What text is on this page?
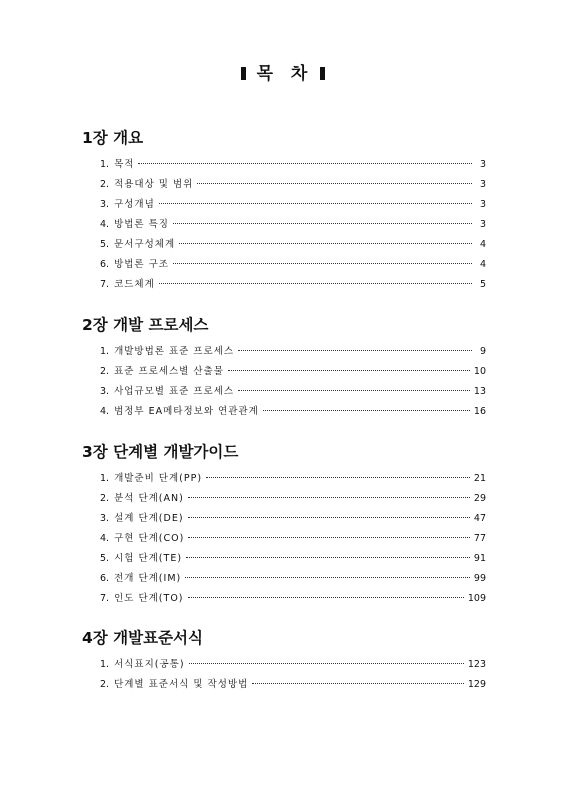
목  차
1장 개요
1. 목적	3
2. 적용대상 및 범위	3
3. 구성개념	3
4. 방법론 특징	3
5. 문서구성체계	4
6. 방법론 구조	4
7. 코드체계	5
2장 개발 프로세스
1. 개발방법론 표준 프로세스	9
2. 표준 프로세스별 산출물	10
3. 사업규모별 표준 프로세스	13
4. 범정부 EA메타정보와 연관관계	16
3장 단계별 개발가이드
1. 개발준비 단계(PP)	21
2. 분석 단계(AN)	29
3. 설계 단계(DE)	47
4. 구현 단계(CO)	77
5. 시험 단계(TE)	91
6. 전개 단계(IM)	99
7. 인도 단계(TO)	109
4장 개발표준서식
1. 서식표지(공통)	123
2. 단계별 표준서식 및 작성방법	129
